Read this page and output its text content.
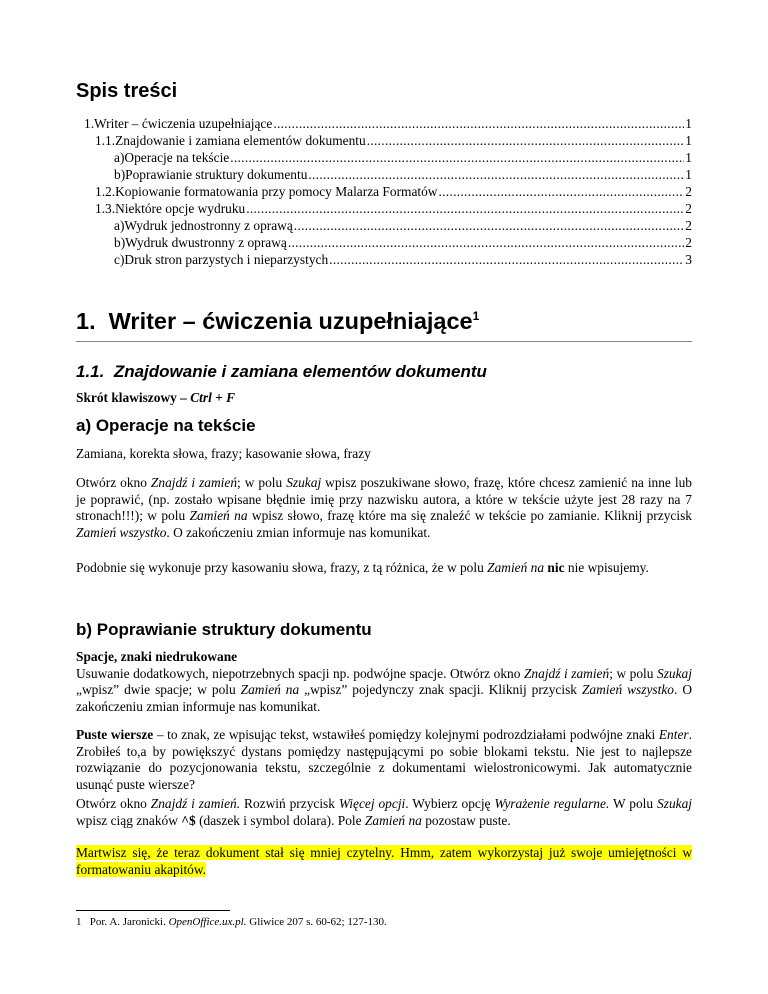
Spis treści
1.Writer – ćwiczenia uzupełniające .....	1
1.1.Znajdowanie i zamiana elementów dokumentu .....	1
a)Operacje na tekście .....	1
b)Poprawianie struktury dokumentu .....	1
1.2.Kopiowanie formatowania przy pomocy Malarza Formatów .....	2
1.3.Niektóre opcje wydruku .....	2
a)Wydruk jednostronny z oprawą .....	2
b)Wydruk dwustronny z oprawą .....	2
c)Druk stron parzystych i nieparzystych .....	3
1. Writer – ćwiczenia uzupełniające$^1$
1.1. Znajdowanie i zamiana elementów dokumentu
Skrót klawiszowy – Ctrl + F
a) Operacje na tekście
Zamiana, korekta słowa, frazy; kasowanie słowa, frazy
Otwórz okno Znajdź i zamień; w polu Szukaj wpisz poszukiwane słowo, frazę, które chcesz zamienić na inne lub je poprawić, (np. zostało wpisane błędnie imię przy nazwisku autora, a które w tekście użyte jest 28 razy na 7 stronach!!!); w polu Zamień na wpisz słowo, frazę które ma się znaleźć w tekście po zamianie. Kliknij przycisk Zamień wszystko. O zakończeniu zmian informuje nas komunikat.
Podobnie się wykonuje przy kasowaniu słowa, frazy, z tą różnica, że w polu Zamień na nic nie wpisujemy.
b) Poprawianie struktury dokumentu
Spacje, znaki niedrukowane
Usuwanie dodatkowych, niepotrzebnych spacji np. podwójne spacje. Otwórz okno Znajdź i zamień; w polu Szukaj „wpisz” dwie spacje; w polu Zamień na „wpisz” pojedynczy znak spacji. Kliknij przycisk Zamień wszystko. O zakończeniu zmian informuje nas komunikat.
Puste wiersze – to znak, ze wpisując tekst, wstawiłeś pomiędzy kolejnymi podrozdziałami podwójne znaki Enter. Zrobiłeś to,a by powiększyć dystans pomiędzy następującymi po sobie blokami tekstu. Nie jest to najlepsze rozwiązanie do pozycjonowania tekstu, szczególnie z dokumentami wielostronicowymi. Jak automatycznie usunąć puste wiersze?
Otwórz okno Znajdź i zamień. Rozwiń przycisk Więcej opcji. Wybierz opcję Wyrażenie regularne. W polu Szukaj wpisz ciąg znaków ^$ (daszek i symbol dolara). Pole Zamień na pozostaw puste.
Martwisz się, że teraz dokument stał się mniej czytelny. Hmm, zatem wykorzystaj już swoje umiejętności w formatowaniu akapitów.
1 Por. A. Jaronicki. OpenOffice.ux.pl. Gliwice 207 s. 60-62; 127-130.
